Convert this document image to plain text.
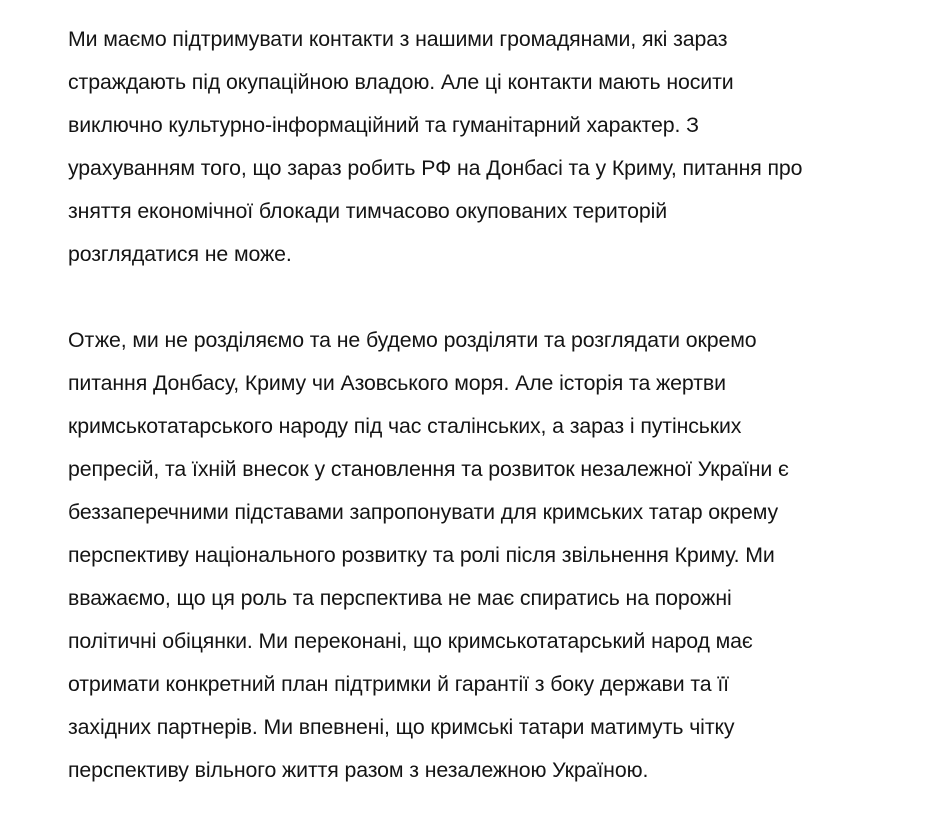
Ми маємо підтримувати контакти з нашими громадянами, які зараз
страждають під окупаційною владою. Але ці контакти мають носити
виключно культурно-інформаційний та гуманітарний характер. З
урахуванням того, що зараз робить РФ на Донбасі та у Криму, питання про
зняття економічної блокади тимчасово окупованих територій
розглядатися не може.

Отже, ми не розділяємо та не будемо розділяти та розглядати окремо
питання Донбасу, Криму чи Азовського моря. Але історія та жертви
кримськотатарського народу під час сталінських, а зараз і путінських
репресій, та їхній внесок у становлення та розвиток незалежної України є
беззаперечними підставами запропонувати для кримських татар окрему
перспективу національного розвитку та ролі після звільнення Криму. Ми
вважаємо, що ця роль та перспектива не має спиратись на порожні
політичні обіцянки. Ми переконані, що кримськотатарський народ має
отримати конкретний план підтримки й гарантії з боку держави та її
західних партнерів. Ми впевнені, що кримські татари матимуть чітку
перспективу вільного життя разом з незалежною Україною.
